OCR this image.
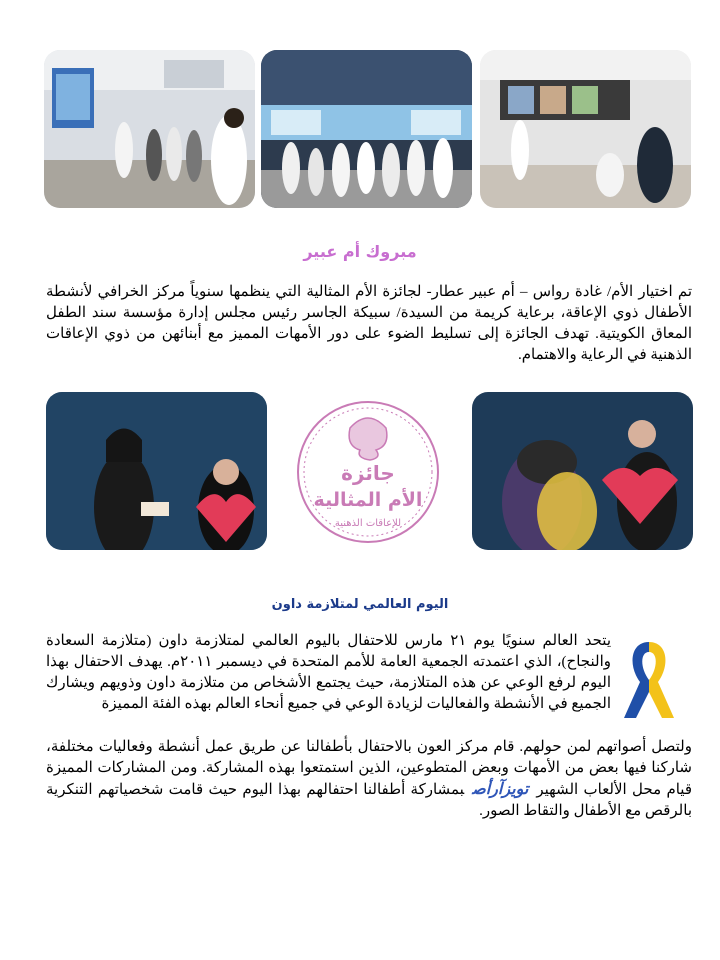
مبروك أم عبير

تم اختيار الأم/ غادة رواس – أم عبير عطار- لجائزة الأم المثالية التي ينظمها سنوياً مركز الخرافي لأنشطة الأطفال ذوي الإعاقة، برعاية كريمة من السيدة/ سبيكة الجاسر رئيس مجلس إدارة مؤسسة سند الطفل المعاق الكويتية. تهدف الجائزة إلى تسليط الضوء على دور الأمهات المميز مع أبنائهن من ذوي الإعاقات الذهنية في الرعاية والاهتمام.

جائزة
الأم المثالية
للإعاقات الذهنية
اليوم العالمي لمتلازمة داون

يتحد العالم سنويًا يوم ٢١ مارس للاحتفال باليوم العالمي لمتلازمة داون (متلازمة السعادة والنجاح)، الذي اعتمدته الجمعية العامة للأمم المتحدة في ديسمبر ٢٠١١م. يهدف الاحتفال بهذا اليوم لرفع الوعي عن هذه المتلازمة، حيث يجتمع الأشخاص من متلازمة داون وذويهم ويشارك الجميع في الأنشطة والفعاليات لزيادة الوعي في جميع أنحاء العالم بهذه الفئة المميزة

ولتصل أصواتهم لمن حولهم. قام مركز العون بالاحتفال بأطفالنا عن طريق عمل أنشطة وفعاليات مختلفة، شاركنا فيها بعض من الأمهات وبعض المتطوعين، الذين استمتعوا بهذه المشاركة. ومن المشاركات المميزة قيام محل الألعاب الشهيرتويزآرأصبمشاركة أطفالنا احتفالهم بهذا اليوم حيث قامت شخصياتهم التنكرية بالرقص مع الأطفال والتقاط الصور.
